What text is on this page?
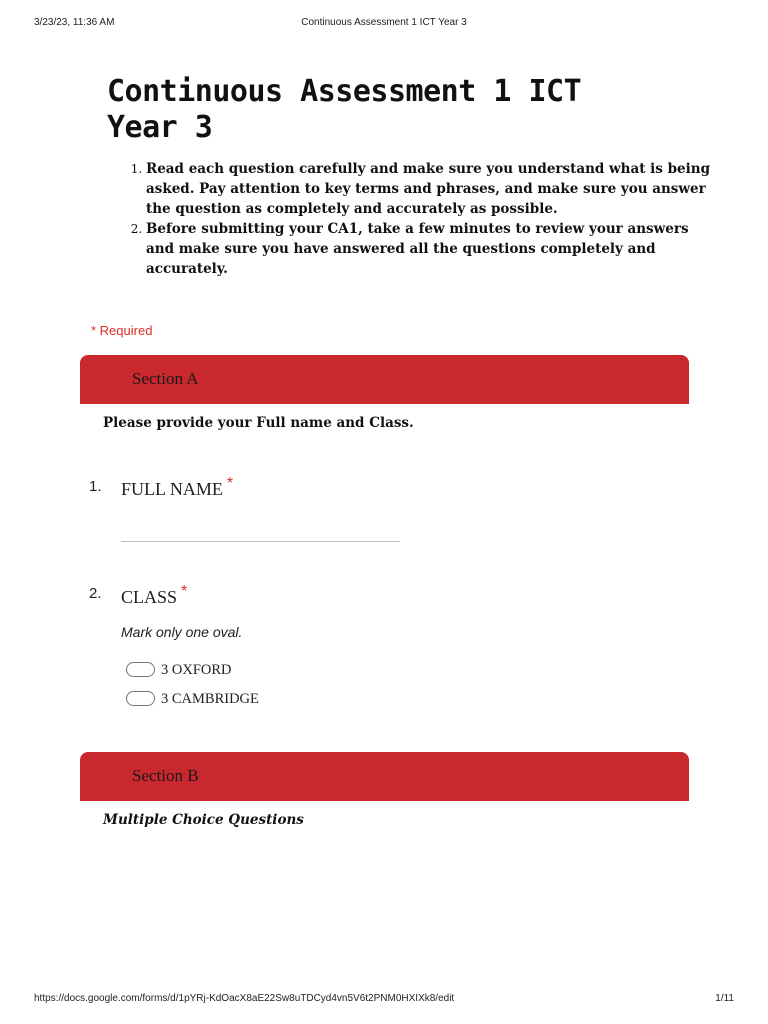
3/23/23, 11:36 AM	Continuous Assessment 1 ICT Year 3
Continuous Assessment 1 ICT Year 3
1. Read each question carefully and make sure you understand what is being asked. Pay attention to key terms and phrases, and make sure you answer the question as completely and accurately as possible.
2. Before submitting your CA1, take a few minutes to review your answers and make sure you have answered all the questions completely and accurately.
* Required
Section A
Please provide your Full name and Class.
1. FULL NAME *
2. CLASS *
Mark only one oval.
3 OXFORD
3 CAMBRIDGE
Section B
Multiple Choice Questions
https://docs.google.com/forms/d/1pYRj-KdOacX8aE22Sw8uTDCyd4vn5V6t2PNM0HXIXk8/edit	1/11
